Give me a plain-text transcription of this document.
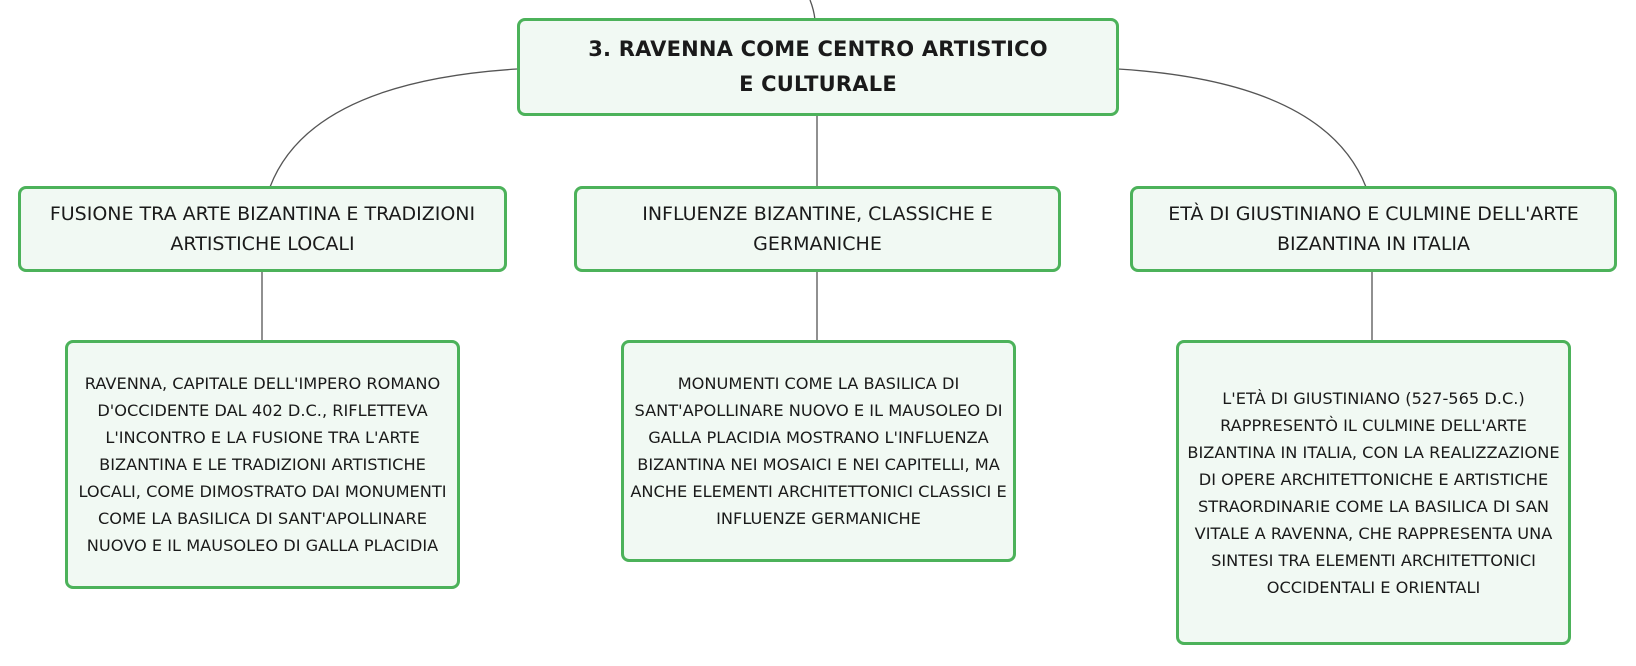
3. RAVENNA COME CENTRO ARTISTICO E CULTURALE
FUSIONE TRA ARTE BIZANTINA E TRADIZIONI ARTISTICHE LOCALI
INFLUENZE BIZANTINE, CLASSICHE E GERMANICHE
ETÀ DI GIUSTINIANO E CULMINE DELL'ARTE BIZANTINA IN ITALIA
RAVENNA, CAPITALE DELL'IMPERO ROMANO D'OCCIDENTE DAL 402 D.C., RIFLETTEVA L'INCONTRO E LA FUSIONE TRA L'ARTE BIZANTINA E LE TRADIZIONI ARTISTICHE LOCALI, COME DIMOSTRATO DAI MONUMENTI COME LA BASILICA DI SANT'APOLLINARE NUOVO E IL MAUSOLEO DI GALLA PLACIDIA
MONUMENTI COME LA BASILICA DI SANT'APOLLINARE NUOVO E IL MAUSOLEO DI GALLA PLACIDIA MOSTRANO L'INFLUENZA BIZANTINA NEI MOSAICI E NEI CAPITELLI, MA ANCHE ELEMENTI ARCHITETTONICI CLASSICI E INFLUENZE GERMANICHE
L'ETÀ DI GIUSTINIANO (527-565 D.C.) RAPPRESENTÒ IL CULMINE DELL'ARTE BIZANTINA IN ITALIA, CON LA REALIZZAZIONE DI OPERE ARCHITETTONICHE E ARTISTICHE STRAORDINARIE COME LA BASILICA DI SAN VITALE A RAVENNA, CHE RAPPRESENTA UNA SINTESI TRA ELEMENTI ARCHITETTONICI OCCIDENTALI E ORIENTALI
